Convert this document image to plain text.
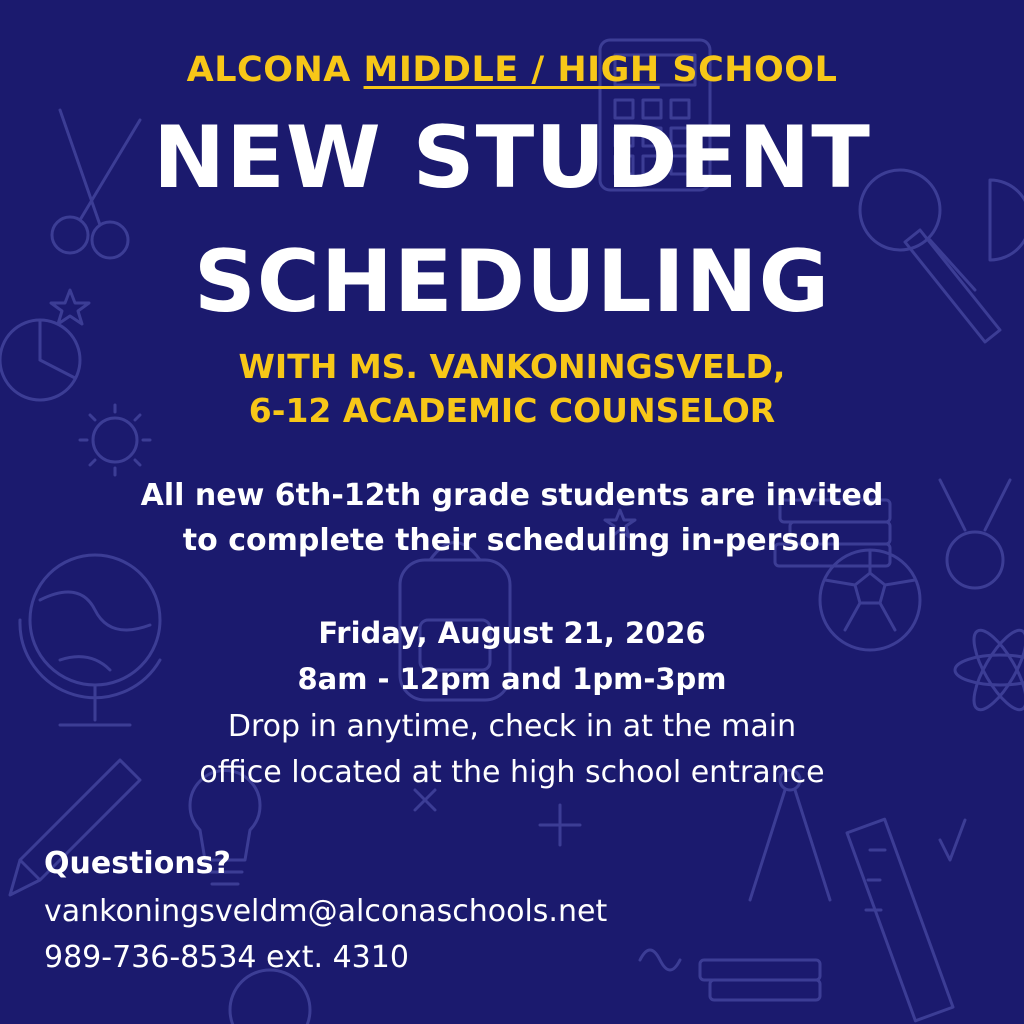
ALCONA MIDDLE / HIGH SCHOOL
NEW STUDENT
SCHEDULING
WITH MS. VANKONINGSVELD,
6-12 ACADEMIC COUNSELOR
All new 6th-12th grade students are invited
to complete their scheduling in-person
Friday, August 21, 2026
8am - 12pm and 1pm-3pm
Drop in anytime, check in at the main
office located at the high school entrance
Questions?
vankoningsveldm@alconaschools.net
989-736-8534 ext. 4310
